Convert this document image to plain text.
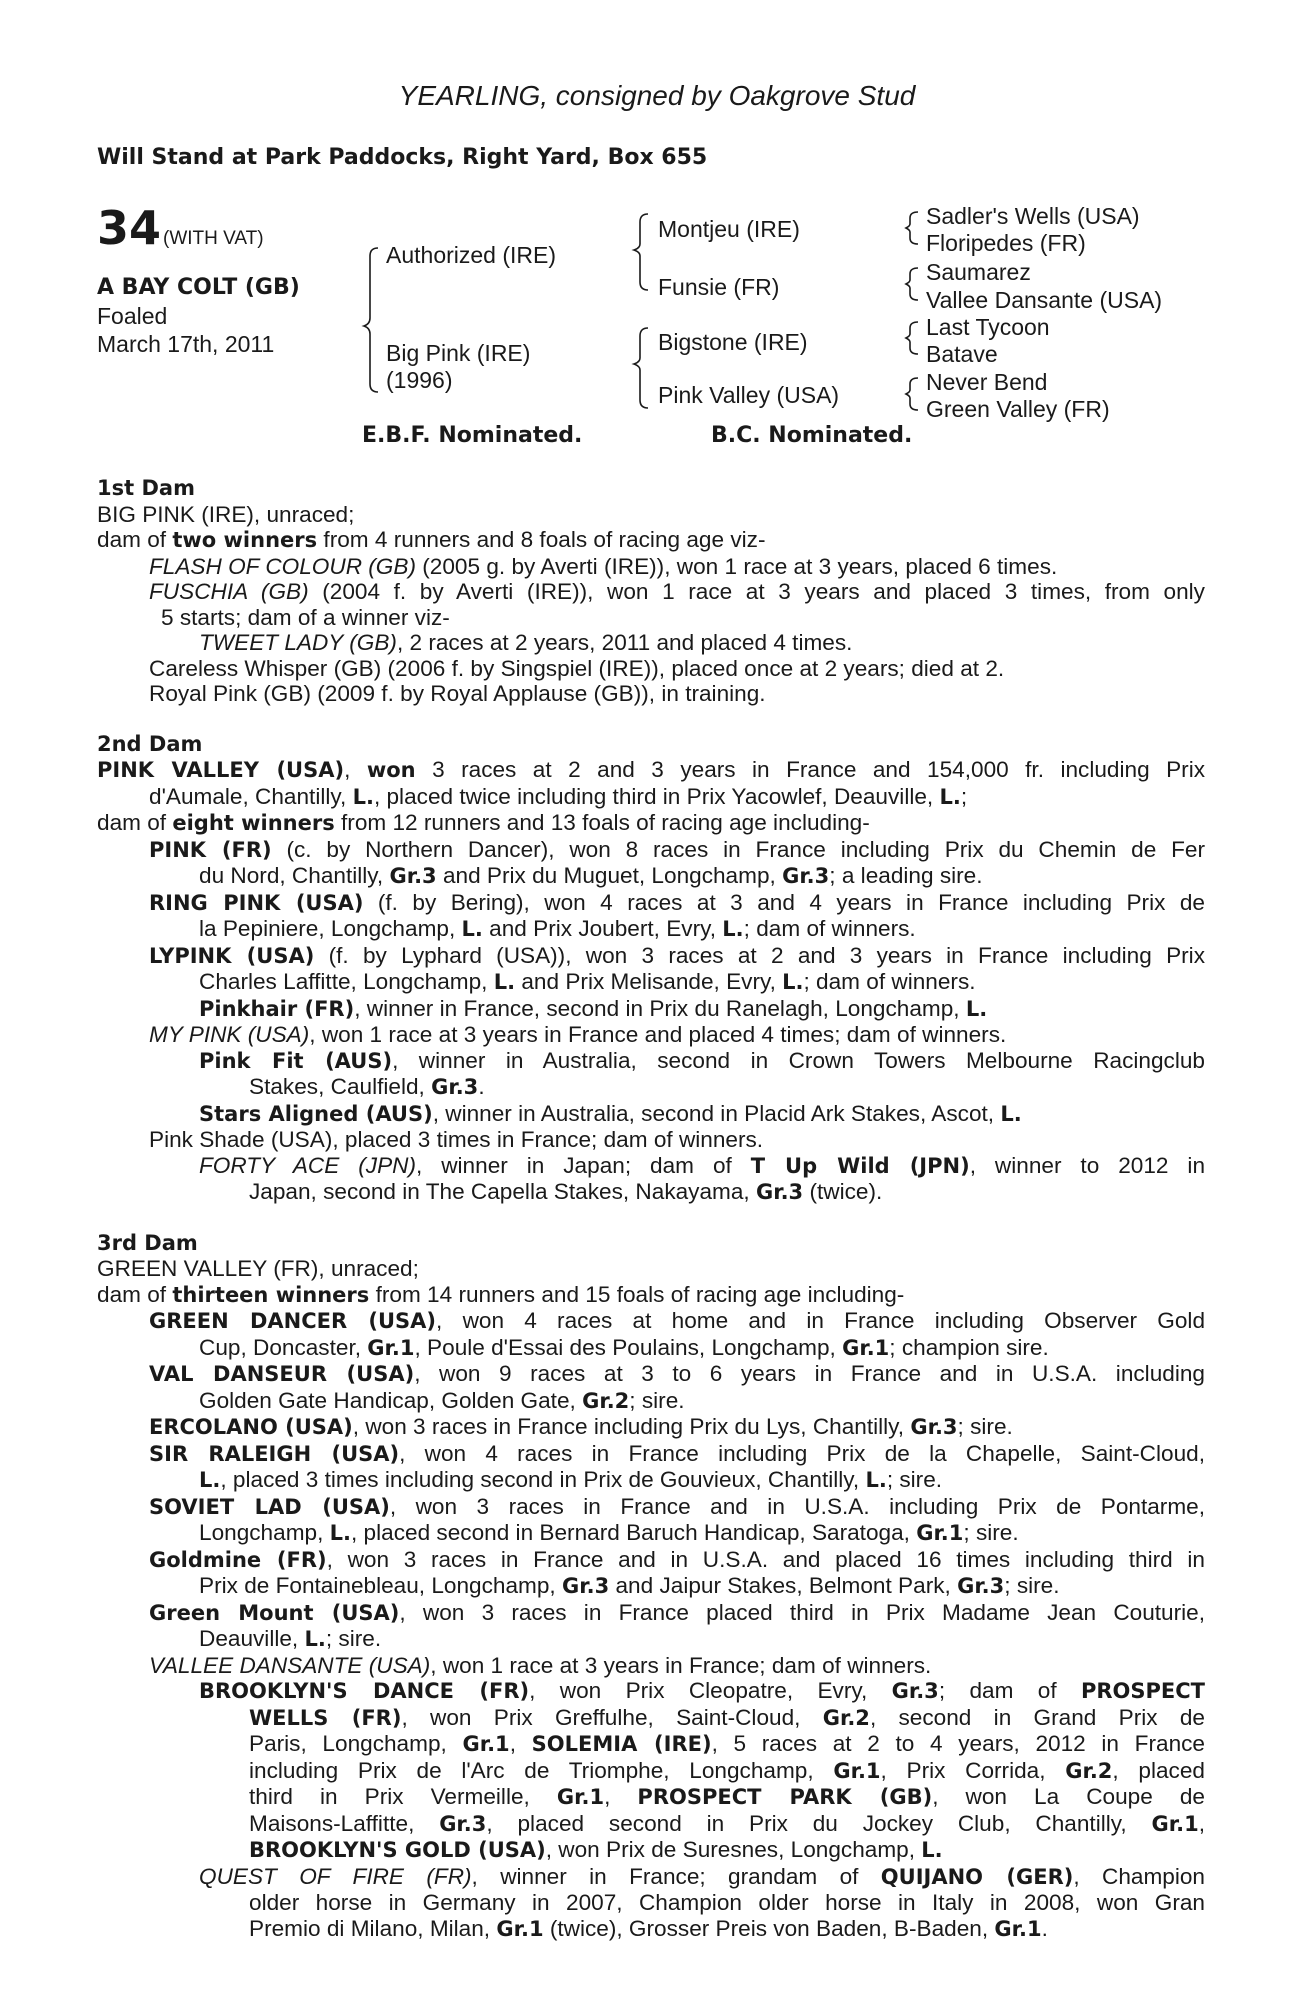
YEARLING, consigned by Oakgrove Stud
Will Stand at Park Paddocks, Right Yard, Box 655
34 (WITH VAT)
A BAY COLT (GB)
Foaled
March 17th, 2011
Authorized (IRE)
Big Pink (IRE)
(1996)
Montjeu (IRE)
Funsie (FR)
Bigstone (IRE)
Pink Valley (USA)
Sadler's Wells (USA)
Floripedes (FR)
Saumarez
Vallee Dansante (USA)
Last Tycoon
Batave
Never Bend
Green Valley (FR)
E.B.F. Nominated.	B.C. Nominated.
1st Dam
BIG PINK (IRE), unraced;
dam of two winners from 4 runners and 8 foals of racing age viz-
FLASH OF COLOUR (GB) (2005 g. by Averti (IRE)), won 1 race at 3 years, placed 6 times.
FUSCHIA (GB) (2004 f. by Averti (IRE)), won 1 race at 3 years and placed 3 times, from only
5 starts; dam of a winner viz-
TWEET LADY (GB), 2 races at 2 years, 2011 and placed 4 times.
Careless Whisper (GB) (2006 f. by Singspiel (IRE)), placed once at 2 years; died at 2.
Royal Pink (GB) (2009 f. by Royal Applause (GB)), in training.
2nd Dam
PINK VALLEY (USA), won 3 races at 2 and 3 years in France and 154,000 fr. including Prix
d'Aumale, Chantilly, L., placed twice including third in Prix Yacowlef, Deauville, L.;
dam of eight winners from 12 runners and 13 foals of racing age including-
PINK (FR) (c. by Northern Dancer), won 8 races in France including Prix du Chemin de Fer
du Nord, Chantilly, Gr.3 and Prix du Muguet, Longchamp, Gr.3; a leading sire.
RING PINK (USA) (f. by Bering), won 4 races at 3 and 4 years in France including Prix de
la Pepiniere, Longchamp, L. and Prix Joubert, Evry, L.; dam of winners.
LYPINK (USA) (f. by Lyphard (USA)), won 3 races at 2 and 3 years in France including Prix
Charles Laffitte, Longchamp, L. and Prix Melisande, Evry, L.; dam of winners.
Pinkhair (FR), winner in France, second in Prix du Ranelagh, Longchamp, L.
MY PINK (USA), won 1 race at 3 years in France and placed 4 times; dam of winners.
Pink Fit (AUS), winner in Australia, second in Crown Towers Melbourne Racingclub
Stakes, Caulfield, Gr.3.
Stars Aligned (AUS), winner in Australia, second in Placid Ark Stakes, Ascot, L.
Pink Shade (USA), placed 3 times in France; dam of winners.
FORTY ACE (JPN), winner in Japan; dam of T Up Wild (JPN), winner to 2012 in
Japan, second in The Capella Stakes, Nakayama, Gr.3 (twice).
3rd Dam
GREEN VALLEY (FR), unraced;
dam of thirteen winners from 14 runners and 15 foals of racing age including-
GREEN DANCER (USA), won 4 races at home and in France including Observer Gold
Cup, Doncaster, Gr.1, Poule d'Essai des Poulains, Longchamp, Gr.1; champion sire.
VAL DANSEUR (USA), won 9 races at 3 to 6 years in France and in U.S.A. including
Golden Gate Handicap, Golden Gate, Gr.2; sire.
ERCOLANO (USA), won 3 races in France including Prix du Lys, Chantilly, Gr.3; sire.
SIR RALEIGH (USA), won 4 races in France including Prix de la Chapelle, Saint-Cloud,
L., placed 3 times including second in Prix de Gouvieux, Chantilly, L.; sire.
SOVIET LAD (USA), won 3 races in France and in U.S.A. including Prix de Pontarme,
Longchamp, L., placed second in Bernard Baruch Handicap, Saratoga, Gr.1; sire.
Goldmine (FR), won 3 races in France and in U.S.A. and placed 16 times including third in
Prix de Fontainebleau, Longchamp, Gr.3 and Jaipur Stakes, Belmont Park, Gr.3; sire.
Green Mount (USA), won 3 races in France placed third in Prix Madame Jean Couturie,
Deauville, L.; sire.
VALLEE DANSANTE (USA), won 1 race at 3 years in France; dam of winners.
BROOKLYN'S DANCE (FR), won Prix Cleopatre, Evry, Gr.3; dam of PROSPECT
WELLS (FR), won Prix Greffulhe, Saint-Cloud, Gr.2, second in Grand Prix de
Paris, Longchamp, Gr.1, SOLEMIA (IRE), 5 races at 2 to 4 years, 2012 in France
including Prix de l'Arc de Triomphe, Longchamp, Gr.1, Prix Corrida, Gr.2, placed
third in Prix Vermeille, Gr.1, PROSPECT PARK (GB), won La Coupe de
Maisons-Laffitte, Gr.3, placed second in Prix du Jockey Club, Chantilly, Gr.1,
BROOKLYN'S GOLD (USA), won Prix de Suresnes, Longchamp, L.
QUEST OF FIRE (FR), winner in France; grandam of QUIJANO (GER), Champion
older horse in Germany in 2007, Champion older horse in Italy in 2008, won Gran
Premio di Milano, Milan, Gr.1 (twice), Grosser Preis von Baden, B-Baden, Gr.1.
